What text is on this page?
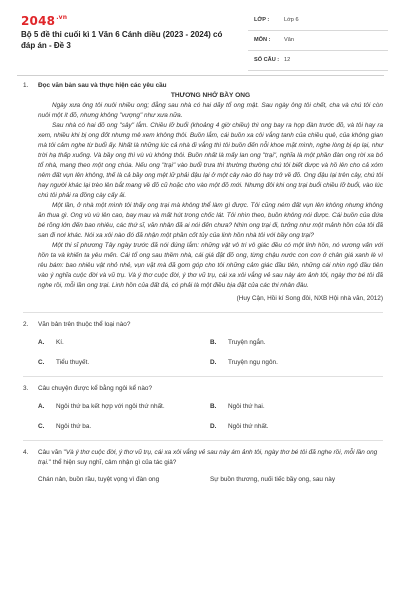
$2048^{.vn}$
Bộ 5 đề thi cuối kì 1 Văn 6 Cánh diều (2023 - 2024) có đáp án - Đề 3
LỚP :	Lớp 6
MÔN : Văn
SỐ CÂU : 12
1. Đọc văn bản sau và thực hiện các yêu cầu
THƯƠNG NHỚ BẦY ONG

Ngày xưa ông tôi nuôi nhiều ong; đằng sau nhà có hai dãy tổ ong mật. Sau ngày ông tôi chết, cha và chú tôi còn nuôi một ít đõ, nhưng không "vượng" như xưa nữa.

Sau nhà có hai đõ ong "sây" lắm. Chiều lỡ buổi (khoảng 4 giờ chiều) thì ong bay ra họp đàn trước đõ, và tôi hay ra xem, nhiều khi bị ong đốt nhưng mê xem không thôi. Buồn lắm, cái buồn xa côi vắng tanh của chiều quê, của không gian mà tôi cảm nghe từ buổi ấy. Nhất là những lúc cả nhà đi vắng thì tôi buồn đến nỗi khoe mặt mình, nghe lòng bị ép lại, như trời hạ thấp xuống. Và bầy ong thì vù vù không thôi. Buồn nhất là mấy lan ong "trại", nghĩa là một phần đàn ong rời xa bỏ tổ nhà, mang theo một ong chúa. Nếu ong "trại" vào buổi trưa thì thường thường chú tôi biết được và hồ lên cho cả xóm nêm đất vụn lên không, thế là cả bầy ong mệt lữ phải đậu lại ở một cây nào đó hay trở về đõ. Ong đậu lại trên cây, chú tôi hay người khác lại trèo lên bắt mang về đõ cũ hoặc cho vào một đõ mới. Nhưng đôi khi ong trại buổi chiều lỡ buổi, vào lúc chú tôi phải ra đồng cày cấy ải.

Một lần, ở nhà một mình tôi thấy ong trại mà không thể làm gì được. Tôi cũng ném đất vụn lên không nhưng không ăn thua gì. Ong vù vù lên cao, bay mau và mất hút trong chốc lát. Tôi nhìn theo, buồn không nói được. Cái buồn của đứa bé rõng lớn đến bao nhiêu, các thứ sĩ, văn nhân đã ai nói đến chưa? Nhìn ong trại đi, tưởng như một mảnh hồn của tôi đã san đi nơi khác. Nói xa xôi nào đó đã nhận một phần cốt tủy của linh hồn nhà tôi với bầy ong trại?

Một thi sĩ phương Tây ngày trước đã nói đúng lắm: những vật vô tri vô giác đều có một linh hồn, nó vương vấn với hồn ta và khiến ta yêu mến. Cái tổ ong sau thềm nhà, cái giá đặt đõ ong, từng chậu nước con con ở chân giá xanh lè vì rêu bám: bao nhiêu vật nhỏ nhẻ, vụn vặt mà đã gom góp cho tôi những cảm giác đầu tiên, những cái nhìn ngộ đầu tiên vào ý nghĩa cuộc đời và vũ trụ. Và ý thơ cuộc đời, ý thơ vũ trụ, cái xa xôi vắng vẻ sau này ám ảnh tôi, ngày thơ bé tôi đã nghe rồi, mỗi lần ong trại. Linh hồn của đất đá, có phải là một điều bịa đặt của các thi nhân đâu.

(Huy Cận, Hồi kí Song đôi, NXB Hội nhà văn, 2012)
2. Văn bản trên thuộc thể loại nào?
A. Kí.	B. Truyện ngắn.
C. Tiểu thuyết.	D. Truyện ngụ ngôn.
3. Câu chuyện được kể bằng ngôi kể nào?
A. Ngôi thứ ba kết hợp với ngôi thứ nhất.	B. Ngôi thứ hai.
C. Ngôi thứ ba.	D. Ngôi thứ nhất.
4. Câu văn "Và ý thơ cuộc đời, ý thơ vũ trụ, cái xa xôi vắng vẻ sau này ám ảnh tôi, ngày thơ bé tôi đã nghe rồi, mỗi lần ong trại." thể hiện suy nghĩ, cảm nhận gì của tác giả?
Chán nản, buồn rầu, tuyệt vọng vì đàn ong	Sự buồn thương, nuối tiếc bầy ong, sau này
